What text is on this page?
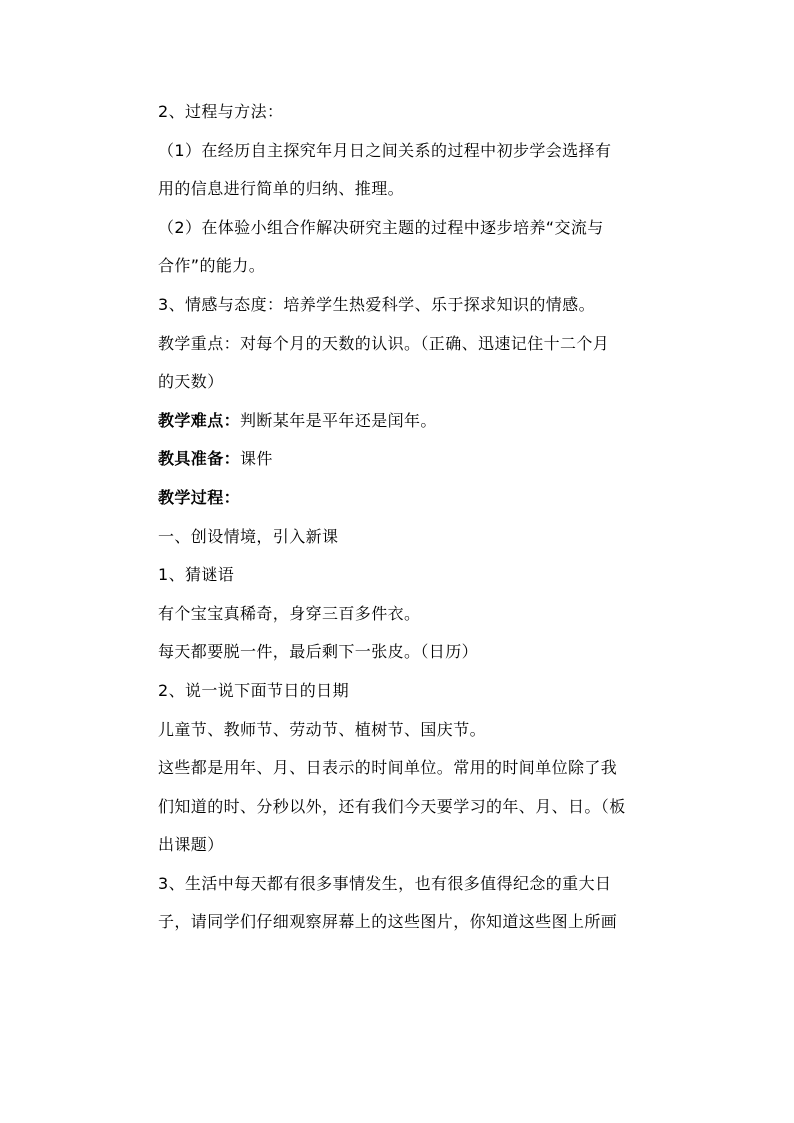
2、过程与方法：

（1）在经历自主探究年月日之间关系的过程中初步学会选择有

用的信息进行简单的归纳、推理。

（2）在体验小组合作解决研究主题的过程中逐步培养“交流与

合作”的能力。

3、情感与态度：培养学生热爱科学、乐于探求知识的情感。

教学重点：对每个月的天数的认识。（正确、迅速记住十二个月

的天数）

教学难点：判断某年是平年还是闰年。

教具准备：课件

教学过程：

一、创设情境，引入新课

1、猜谜语

有个宝宝真稀奇，身穿三百多件衣。

每天都要脱一件，最后剩下一张皮。（日历）

2、说一说下面节日的日期

儿童节、教师节、劳动节、植树节、国庆节。

这些都是用年、月、日表示的时间单位。常用的时间单位除了我

们知道的时、分秒以外，还有我们今天要学习的年、月、日。（板

出课题）

3、生活中每天都有很多事情发生，也有很多值得纪念的重大日

子，请同学们仔细观察屏幕上的这些图片，你知道这些图上所画
